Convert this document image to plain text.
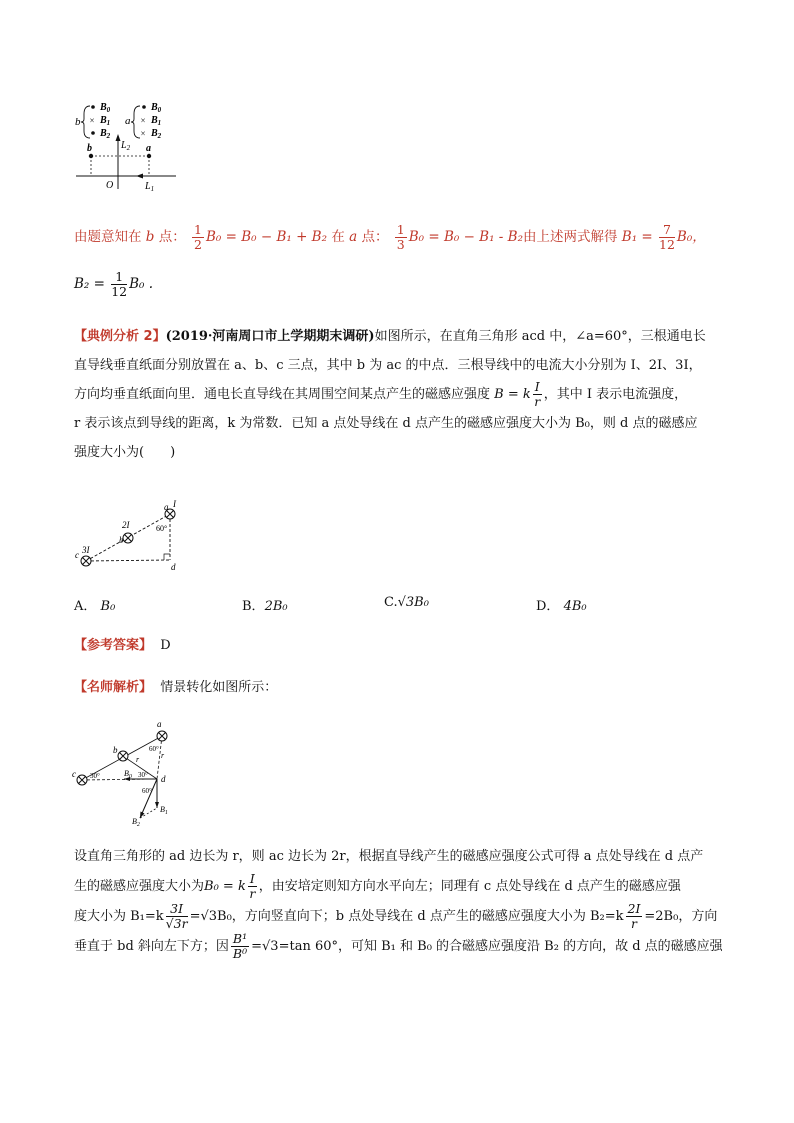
b ×
$B_0$
$B_1$
$B_2$
a ×
×
$B_0$
$B_1$
$B_2$
$L_2$
b	a
O	$L_1$
由题意知在 b 点： $\frac{1}{2} B_0 = B_0 - B_1 + B_2$ 在 a 点： $\frac{1}{3} B_0 = B_0 - B_1 - B_2$由上述两式解得 $B_1 = \frac{7}{12} B_0$，
$B_2 = \frac{1}{12} B_0$ .
【典例分析 2】(2019·河南周口市上学期期末调研)如图所示，在直角三角形 acd 中，∠a=60°，三根通电长
直导线垂直纸面分别放置在 a、b、c 三点，其中 b 为 ac 的中点．三根导线中的电流大小分别为 I、2I、3I，
方向均垂直纸面向里．通电长直导线在其周围空间某点产生的磁感应强度 B = k $\frac{I}{r}$ ，其中 I 表示电流强度，
r 表示该点到导线的距离，k 为常数．已知 a 点处导线在 d 点产生的磁感应强度大小为 B₀，则 d 点的磁感应
强度大小为(　　)
a I
b
2I
c 3I
d
60°
A． B₀	B．2B₀	C.√3B₀	D． 4B₀
【参考答案】 D
【名师解析】 情景转化如图所示：
a
b
c	d
r	r
60°
30°	30°
60°
$B_0$
$B_1$
$B_2$
设直角三角形的 ad 边长为 r，则 ac 边长为 2r，根据直导线产生的磁感应强度公式可得 a 点处导线在 d 点产
生的磁感应强度大小为B₀ = k $\frac{I}{r}$ ，由安培定则知方向水平向左；同理有 c 点处导线在 d 点产生的磁感应强
度大小为 $B_1=k \frac{3I}{√3r} =√3B_0$，方向竖直向下；b 点处导线在 d 点产生的磁感应强度大小为 $B_2=k \frac{2I}{r} =2B_0$，方向
垂直于 bd 斜向左下方；因 $\frac{\text{B¹}}{\text{B⁰}} =√3=\tan$ 60°，可知 B₁ 和 B₀ 的合磁感应强度沿 B₂ 的方向，故 d 点的磁感应强
